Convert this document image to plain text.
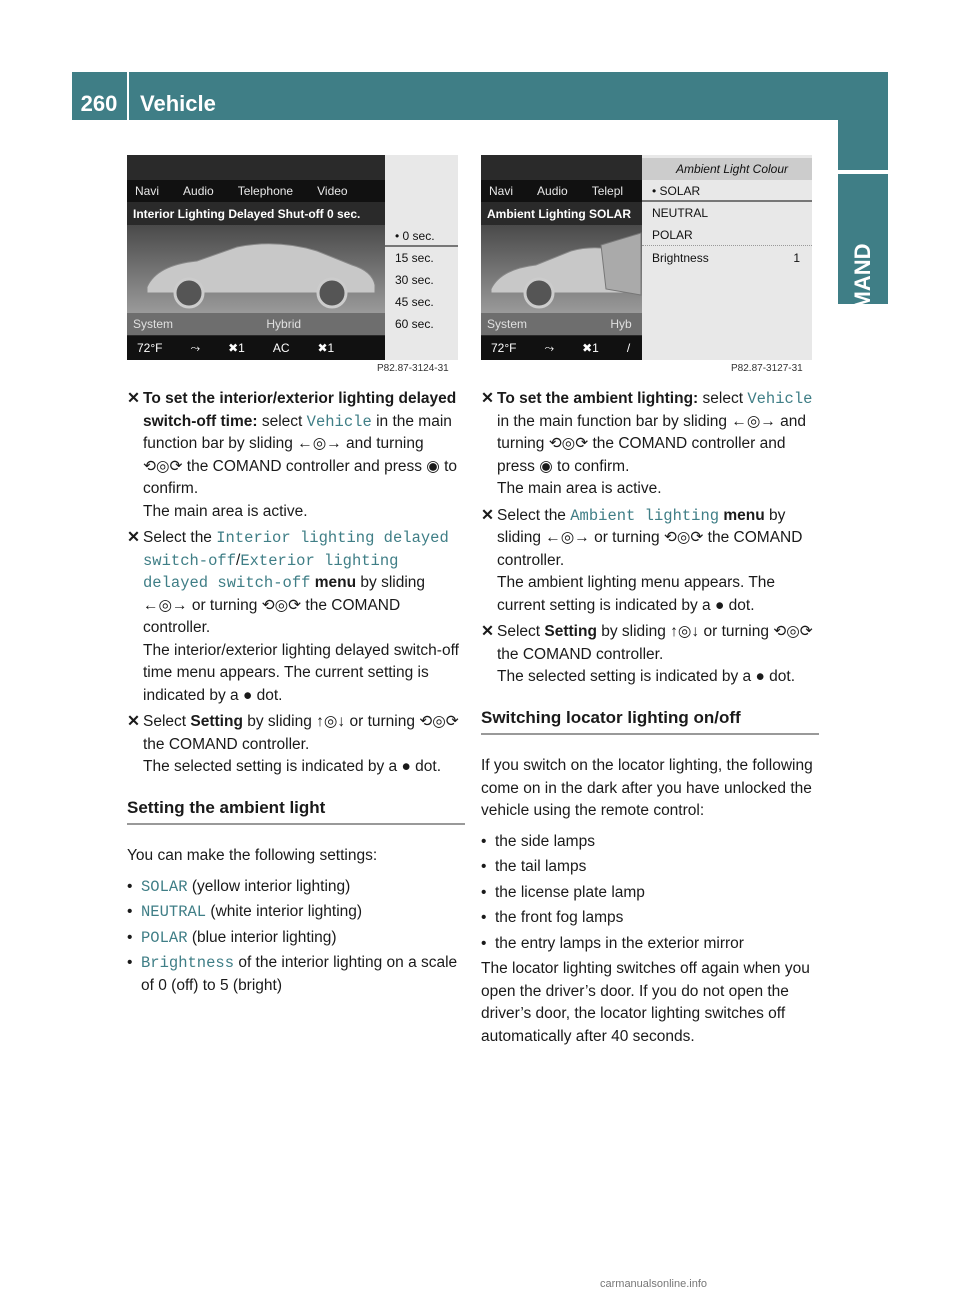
260	Vehicle
COMAND
Navi Audio Telephone Video
Interior Lighting Delayed Shut-off 0 sec.
System	Hybrid
72°F ⤳ ✖1 AC ✖1
• 0 sec.
15 sec.
30 sec.
45 sec.
60 sec.
P82.87-3124-31
Navi Audio Telepl
Ambient Lighting SOLAR
System	Hyb
72°F ⤳ ✖1 /
Ambient Light Colour
• SOLAR
NEUTRAL
POLAR
Brightness	1
P82.87-3127-31
✕ To set the interior/exterior lighting delayed switch-off time: select Vehicle in the main function bar by sliding ←◎→ and turning ⟲◎⟳ the COMAND controller and press ◉ to confirm.
The main area is active.
✕ Select the Interior lighting delayed switch-off/Exterior lighting delayed switch-off menu by sliding ←◎→ or turning ⟲◎⟳ the COMAND controller.
The interior/exterior lighting delayed switch-off time menu appears. The current setting is indicated by a ● dot.
✕ Select Setting by sliding ↑◎↓ or turning ⟲◎⟳ the COMAND controller.
The selected setting is indicated by a ● dot.
Setting the ambient light
You can make the following settings:
• SOLAR (yellow interior lighting)
• NEUTRAL (white interior lighting)
• POLAR (blue interior lighting)
• Brightness of the interior lighting on a scale of 0 (off) to 5 (bright)
✕ To set the ambient lighting: select Vehicle in the main function bar by sliding ←◎→ and turning ⟲◎⟳ the COMAND controller and press ◉ to confirm.
The main area is active.
✕ Select the Ambient lighting menu by sliding ←◎→ or turning ⟲◎⟳ the COMAND controller.
The ambient lighting menu appears. The current setting is indicated by a ● dot.
✕ Select Setting by sliding ↑◎↓ or turning ⟲◎⟳ the COMAND controller.
The selected setting is indicated by a ● dot.
Switching locator lighting on/off
If you switch on the locator lighting, the following come on in the dark after you have unlocked the vehicle using the remote control:
• the side lamps
• the tail lamps
• the license plate lamp
• the front fog lamps
• the entry lamps in the exterior mirror
The locator lighting switches off again when you open the driver’s door. If you do not open the driver’s door, the locator lighting switches off automatically after 40 seconds.
carmanualsonline.info
